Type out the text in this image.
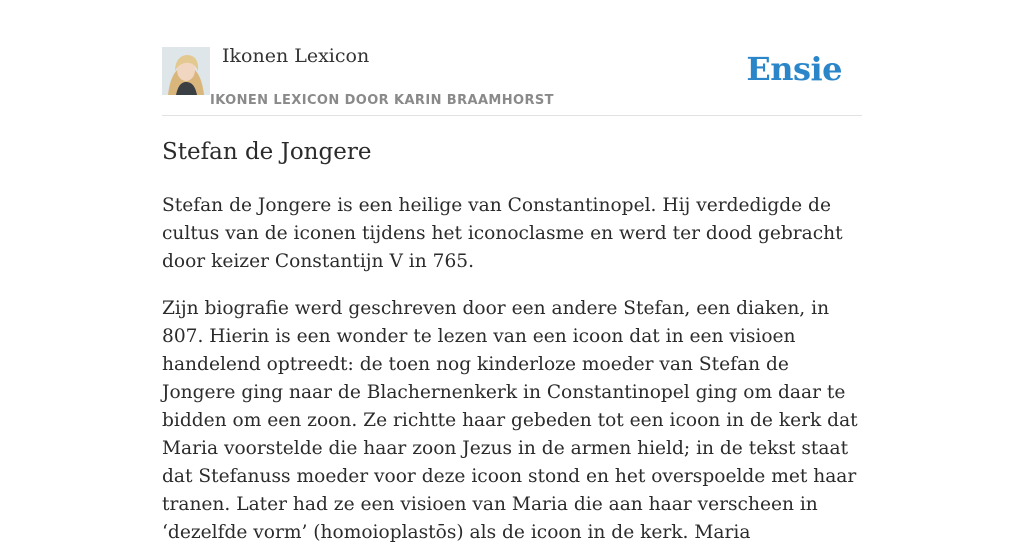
Ikonen Lexicon
IKONEN LEXICON DOOR KARIN BRAAMHORST
Ensie
Stefan de Jongere

Stefan de Jongere is een heilige van Constantinopel. Hij verdedigde de cultus van de iconen tijdens het iconoclasme en werd ter dood gebracht door keizer Constantijn V in 765.

Zijn biografie werd geschreven door een andere Stefan, een diaken, in 807. Hierin is een wonder te lezen van een icoon dat in een visioen handelend optreedt: de toen nog kinderloze moeder van Stefan de Jongere ging naar de Blachernenkerk in Constantinopel ging om daar te bidden om een zoon. Ze richtte haar gebeden tot een icoon in de kerk dat Maria voorstelde die haar zoon Jezus in de armen hield; in de tekst staat dat Stefanuss moeder voor deze icoon stond en het overspoelde met haar tranen. Later had ze een visioen van Maria die aan haar verscheen in ‘dezelfde vorm’ (homoioplastōs) als de icoon in de kerk. Maria
